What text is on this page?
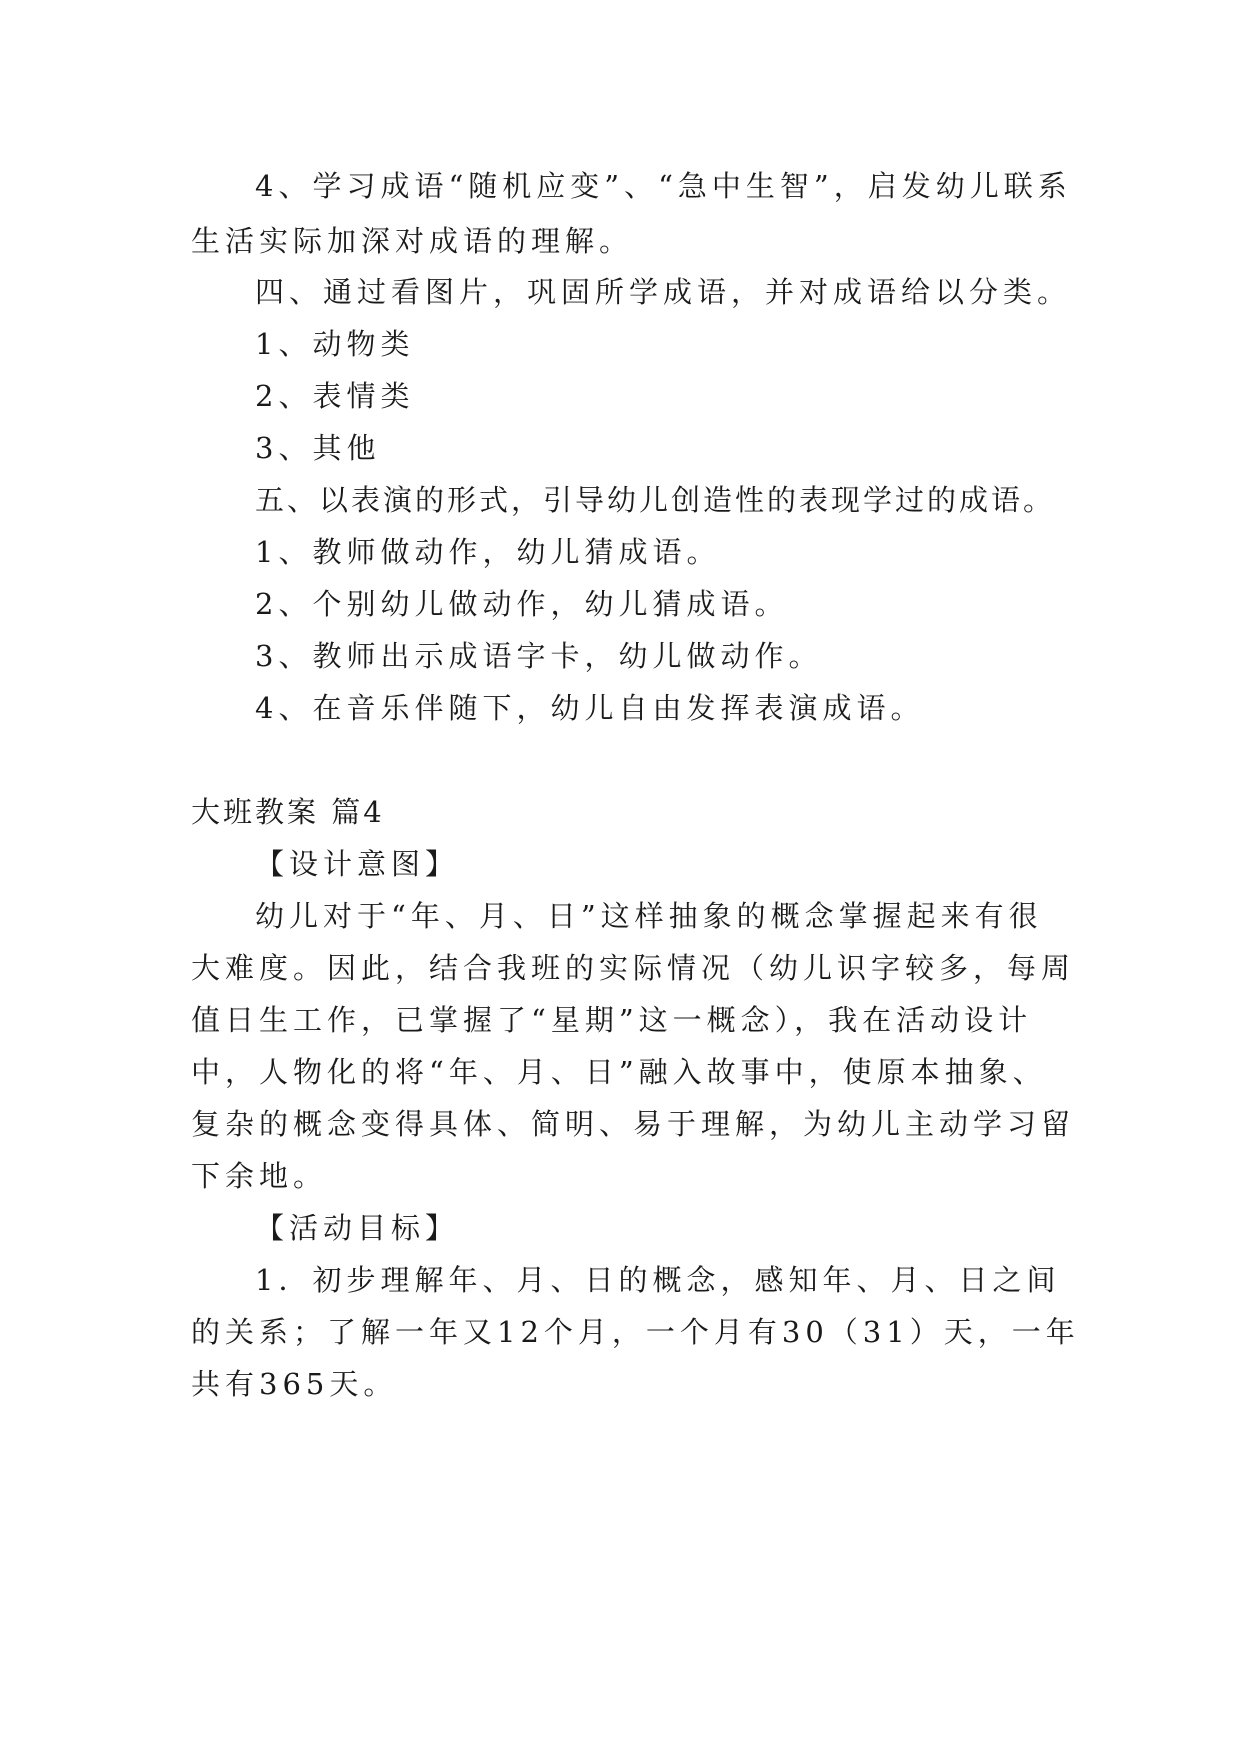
4、学习成语“随机应变”、“急中生智”，启发幼儿联系
生活实际加深对成语的理解。
四、通过看图片，巩固所学成语，并对成语给以分类。
1、动物类
2、表情类
3、其他
五、以表演的形式，引导幼儿创造性的表现学过的成语。
1、教师做动作，幼儿猜成语。
2、个别幼儿做动作，幼儿猜成语。
3、教师出示成语字卡，幼儿做动作。
4、在音乐伴随下，幼儿自由发挥表演成语。
大班教案 篇4
【设计意图】
幼儿对于“年、月、日”这样抽象的概念掌握起来有很
大难度。因此，结合我班的实际情况（幼儿识字较多，每周
值日生工作，已掌握了“星期”这一概念），我在活动设计
中，人物化的将“年、月、日”融入故事中，使原本抽象、
复杂的概念变得具体、简明、易于理解，为幼儿主动学习留
下余地。
【活动目标】
1．初步理解年、月、日的概念，感知年、月、日之间
的关系；了解一年又12个月，一个月有30（31）天，一年
共有365天。
